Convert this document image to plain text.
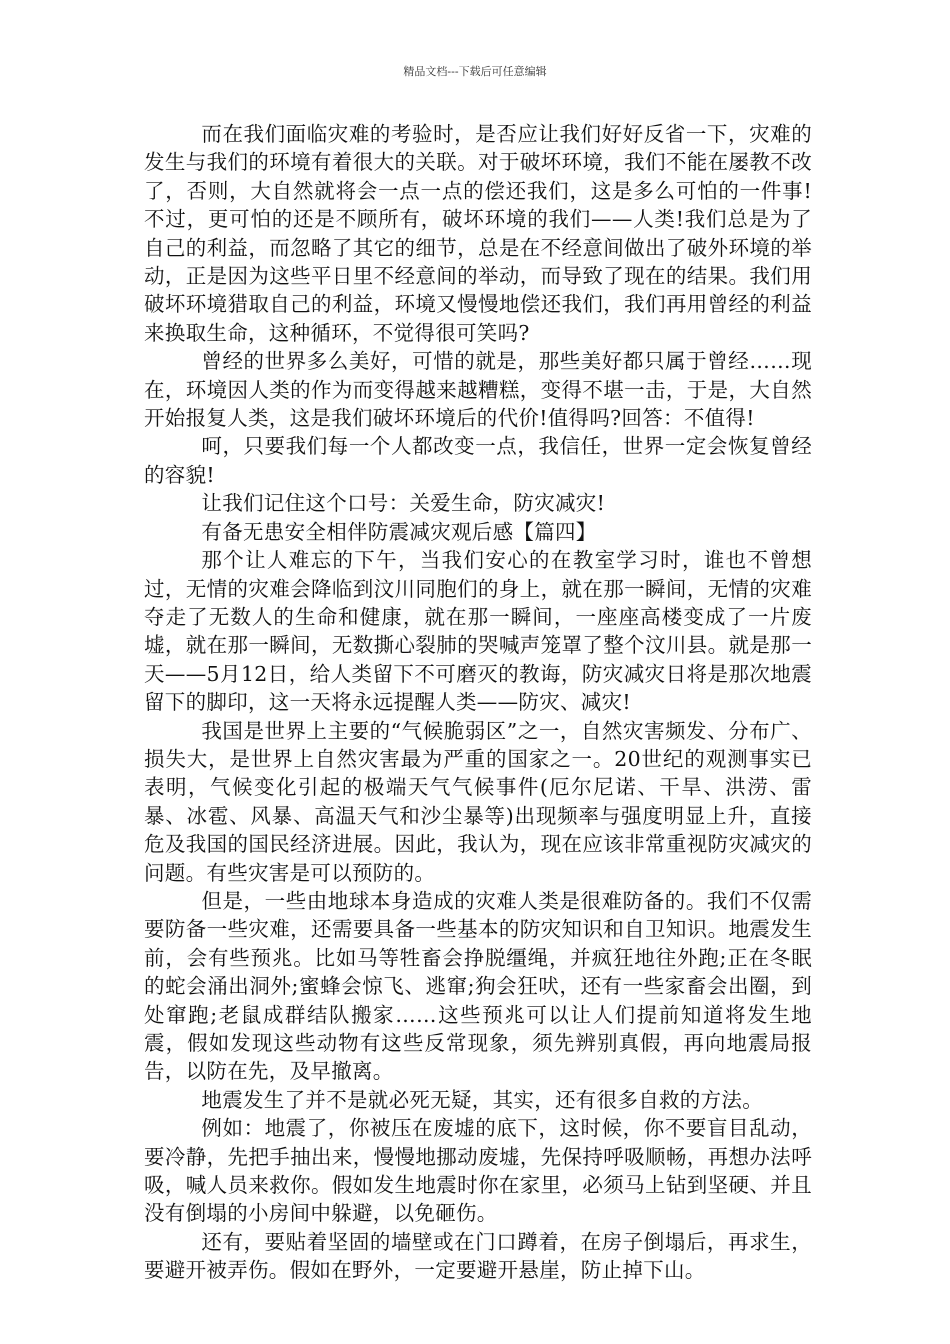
精品文档---下载后可任意编辑

而在我们面临灾难的考验时，是否应让我们好好反省一下，灾难的发生与我们的环境有着很大的关联。对于破坏环境，我们不能在屡教不改了，否则，大自然就将会一点一点的偿还我们，这是多么可怕的一件事!不过，更可怕的还是不顾所有，破坏环境的我们——人类!我们总是为了自己的利益，而忽略了其它的细节，总是在不经意间做出了破外环境的举动，正是因为这些平日里不经意间的举动，而导致了现在的结果。我们用破坏环境猎取自己的利益，环境又慢慢地偿还我们，我们再用曾经的利益来换取生命，这种循环，不觉得很可笑吗?

曾经的世界多么美好，可惜的就是，那些美好都只属于曾经……现在，环境因人类的作为而变得越来越糟糕，变得不堪一击，于是，大自然开始报复人类，这是我们破坏环境后的代价!值得吗?回答：不值得!

呵，只要我们每一个人都改变一点，我信任，世界一定会恢复曾经的容貌!

让我们记住这个口号：关爱生命，防灾减灾!

有备无患安全相伴防震减灾观后感【篇四】

那个让人难忘的下午，当我们安心的在教室学习时，谁也不曾想过，无情的灾难会降临到汶川同胞们的身上，就在那一瞬间，无情的灾难夺走了无数人的生命和健康，就在那一瞬间，一座座高楼变成了一片废墟，就在那一瞬间，无数撕心裂肺的哭喊声笼罩了整个汶川县。就是那一天——5月12日，给人类留下不可磨灭的教诲，防灾减灾日将是那次地震留下的脚印，这一天将永远提醒人类——防灾、减灾!

我国是世界上主要的“气候脆弱区”之一，自然灾害频发、分布广、损失大，是世界上自然灾害最为严重的国家之一。20世纪的观测事实已表明，气候变化引起的极端天气气候事件(厄尔尼诺、干旱、洪涝、雷暴、冰雹、风暴、高温天气和沙尘暴等)出现频率与强度明显上升，直接危及我国的国民经济进展。因此，我认为，现在应该非常重视防灾减灾的问题。有些灾害是可以预防的。

但是，一些由地球本身造成的灾难人类是很难防备的。我们不仅需要防备一些灾难，还需要具备一些基本的防灾知识和自卫知识。地震发生前，会有些预兆。比如马等牲畜会挣脱缰绳，并疯狂地往外跑;正在冬眠的蛇会涌出洞外;蜜蜂会惊飞、逃窜;狗会狂吠，还有一些家畜会出圈，到处窜跑;老鼠成群结队搬家……这些预兆可以让人们提前知道将发生地震，假如发现这些动物有这些反常现象，须先辨别真假，再向地震局报告，以防在先，及早撤离。

地震发生了并不是就必死无疑，其实，还有很多自救的方法。

例如：地震了，你被压在废墟的底下，这时候，你不要盲目乱动，要冷静，先把手抽出来，慢慢地挪动废墟，先保持呼吸顺畅，再想办法呼吸，喊人员来救你。假如发生地震时你在家里，必须马上钻到坚硬、并且没有倒塌的小房间中躲避，以免砸伤。

还有，要贴着坚固的墙壁或在门口蹲着，在房子倒塌后，再求生，要避开被弄伤。假如在野外，一定要避开悬崖，防止掉下山。
